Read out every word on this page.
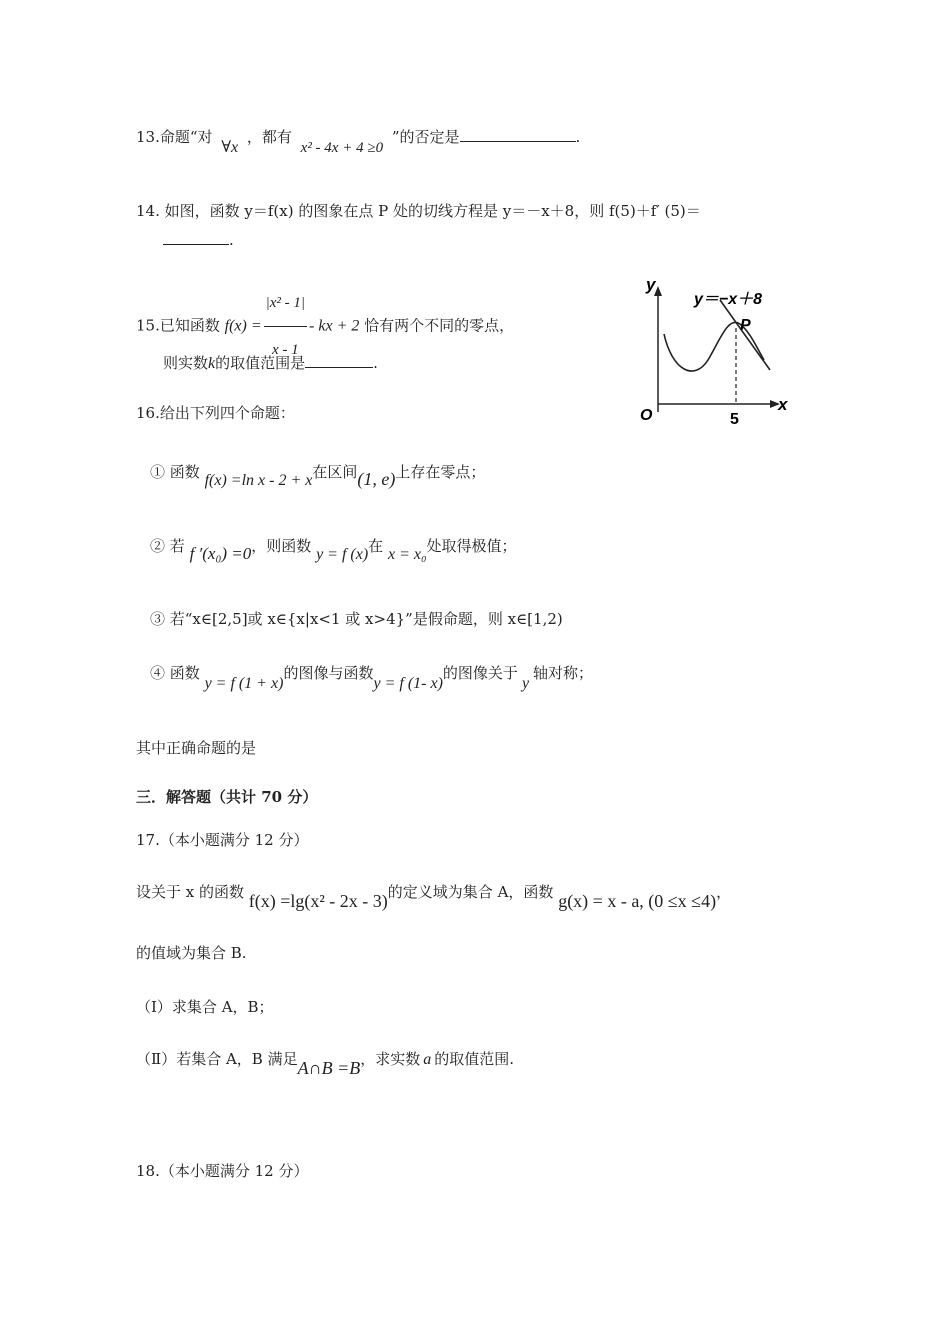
13.命题“对 ∀x ，都有 x² - 4x + 4 ≥0 ”的否定是	.
14. 如图，函数 y＝f(x) 的图象在点 P 处的切线方程是 y＝－x＋8，则 f(5)＋f′ (5)＝
.
15.已知函数 $f(x) = \frac{\text{|x² - 1|}}{x - 1}$ - kx + 2 恰有两个不同的零点，
则实数k的取值范围是	.
y
x
O	5
P
y＝−x＋8
16.给出下列四个命题：
① 函数 f(x) =ln x - 2 + x在区间(1, e)上存在零点；
② 若 f ′(x₀) =0，则函数 y = f (x)在 x = x₀处取得极值；
③ 若“x∈[2,5]或 x∈{x|x<1 或 x>4}”是假命题，则 x∈[1,2)
④ 函数 y = f (1 + x)的图像与函数y = f (1- x)的图像关于y轴对称；
其中正确命题的是
三．解答题（共计 70 分）
17.（本小题满分 12 分）
设关于 x 的函数 f(x) =lg(x² - 2x - 3)的定义域为集合 A，函数 g(x) = x - a, (0 ≤x ≤4)，
的值域为集合 B.
（Ⅰ）求集合 A，B；
（Ⅱ）若集合 A，B 满足A∩B =B，求实数 a 的取值范围.
18.（本小题满分 12 分）
